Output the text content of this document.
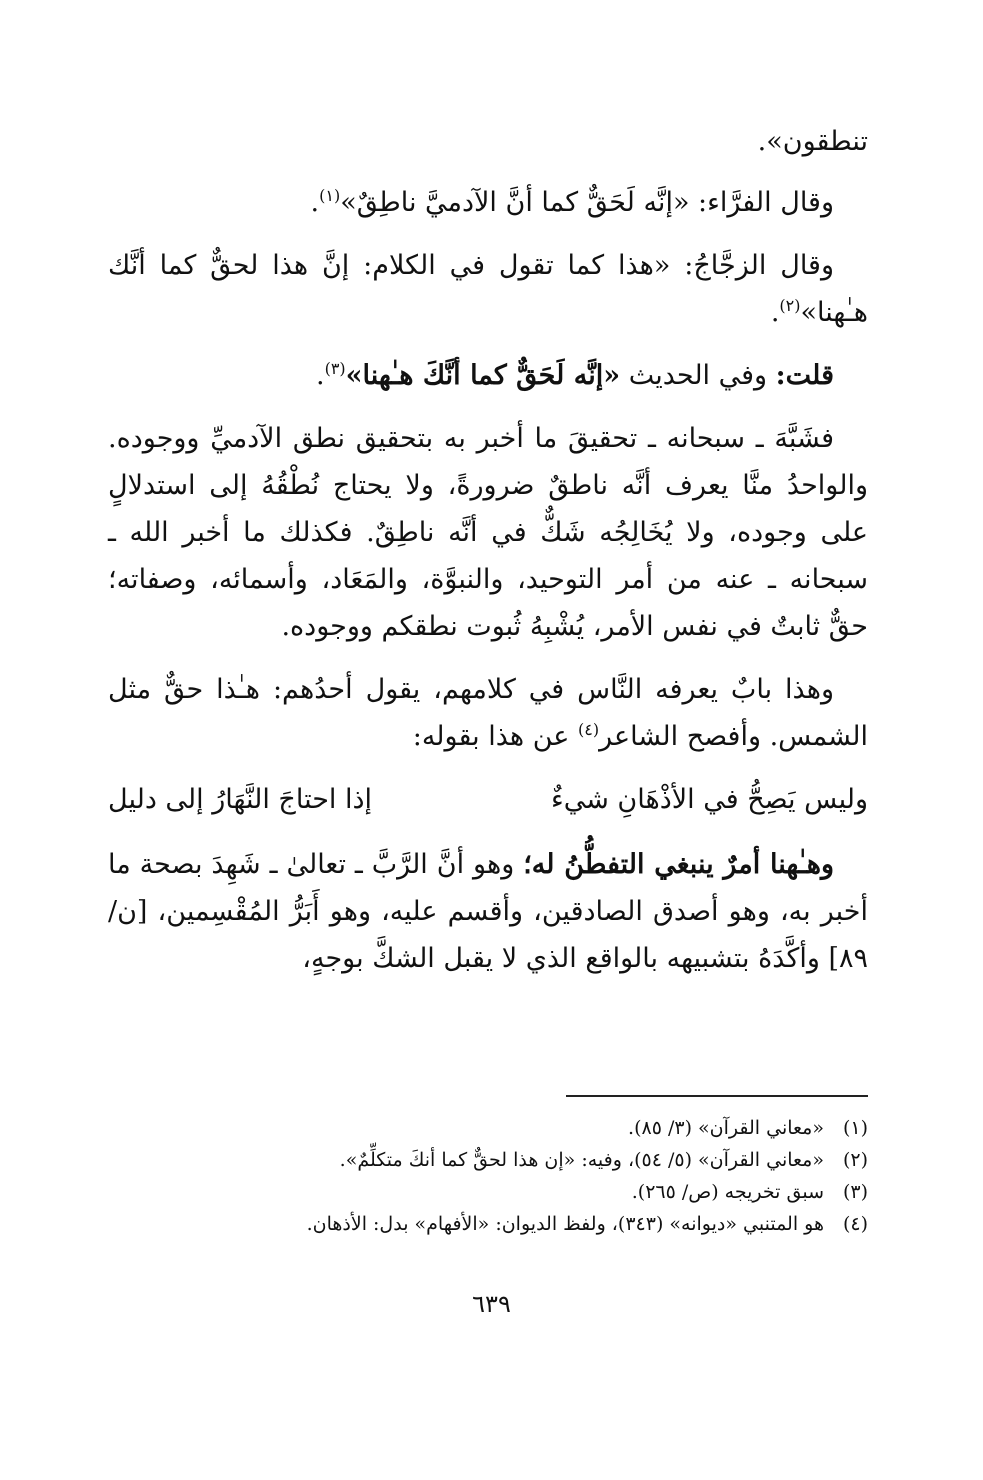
تنطقون».

وقال الفرَّاء: «إنَّه لَحَقٌّ كما أنَّ الآدميَّ ناطِقٌ»$^{(١)}$.

وقال الزجَّاجُ: «هذا كما تقول في الكلام: إنَّ هذا لحقٌّ كما أنَّك هـٰهنا»$^{(٢)}$.

قلت: وفي الحديث «إنَّه لَحَقٌّ كما أنَّكَ هـٰهنا»$^{(٣)}$.

فشَبَّهَ ـ سبحانه ـ تحقيقَ ما أخبر به بتحقيق نطق الآدميِّ ووجوده. والواحدُ منَّا يعرف أنَّه ناطقٌ ضرورةً، ولا يحتاج نُطْقُهُ إلى استدلالٍ على وجوده، ولا يُخَالِجُه شَكٌّ في أنَّه ناطِقٌ. فكذلك ما أخبر الله ـ سبحانه ـ عنه من أمر التوحيد، والنبوَّة، والمَعَاد، وأسمائه، وصفاته؛ حقٌّ ثابتٌ في نفس الأمر، يُشْبِهُ ثُبوت نطقكم ووجوده.

وهذا بابٌ يعرفه النَّاس في كلامهم، يقول أحدُهم: هـٰذا حقٌّ مثل الشمس. وأفصح الشاعر$^{(٤)}$ عن هذا بقوله:

وليس يَصِحُّ في الأذْهَانِ شيءٌ
إذا احتاجَ النَّهَارُ إلى دليل

وهـٰهنا أمرٌ ينبغي التفطُّنُ له؛ وهو أنَّ الرَّبَّ ـ تعالىٰ ـ شَهِدَ بصحة ما أخبر به، وهو أصدق الصادقين، وأقسم عليه، وهو أَبَرُّ المُقْسِمين، [ن/٨٩] وأكَّدَهُ بتشبيهه بالواقع الذي لا يقبل الشكَّ بوجهٍ،

(١)
«معاني القرآن» (٣/ ٨٥).
(٢)
«معاني القرآن» (٥/ ٥٤)، وفيه: «إن هذا لحقٌّ كما أنكَ متكلِّمٌ».
(٣)
سبق تخريجه (ص/ ٢٦٥).
(٤)
هو المتنبي «ديوانه» (٣٤٣)، ولفظ الديوان: «الأفهام» بدل: الأذهان.
٦٣٩
